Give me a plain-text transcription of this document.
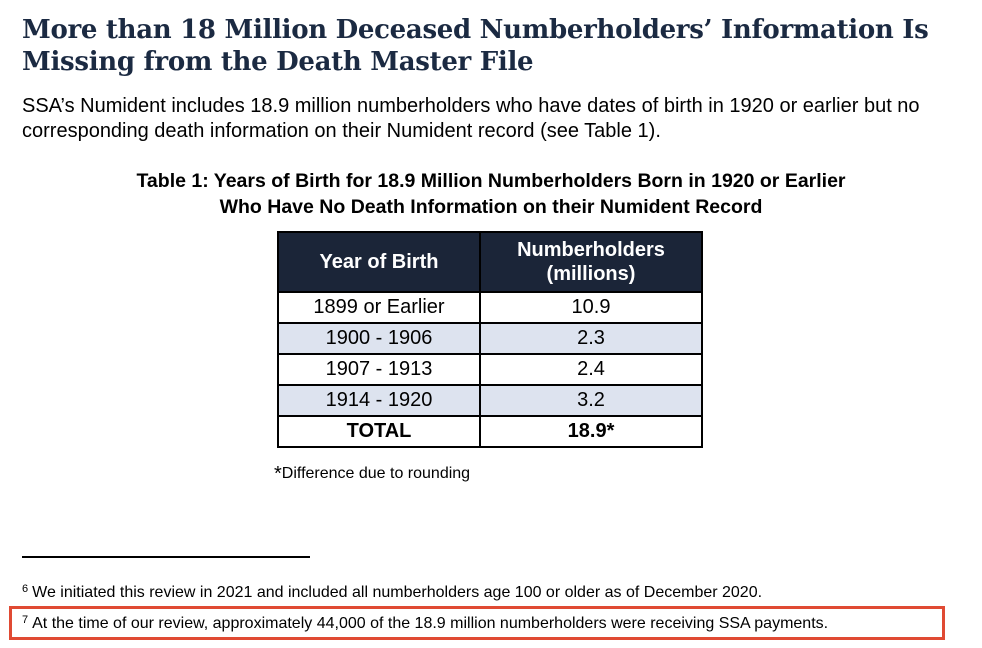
More than 18 Million Deceased Numberholders’ Information Is
Missing from the Death Master File

SSA’s Numident includes 18.9 million numberholders who have dates of birth in 1920 or earlier but no corresponding death information on their Numident record (see Table 1).

Table 1: Years of Birth for 18.9 Million Numberholders Born in 1920 or Earlier
Who Have No Death Information on their Numident Record
Year of Birth	Numberholders
(millions)
1899 or Earlier	10.9
1900 - 1906	2.3
1907 - 1913	2.4
1914 - 1920	3.2
TOTAL	18.9*
*Difference due to rounding
$^6$ We initiated this review in 2021 and included all numberholders age 100 or older as of December 2020.
$^7$ At the time of our review, approximately 44,000 of the 18.9 million numberholders were receiving SSA payments.
